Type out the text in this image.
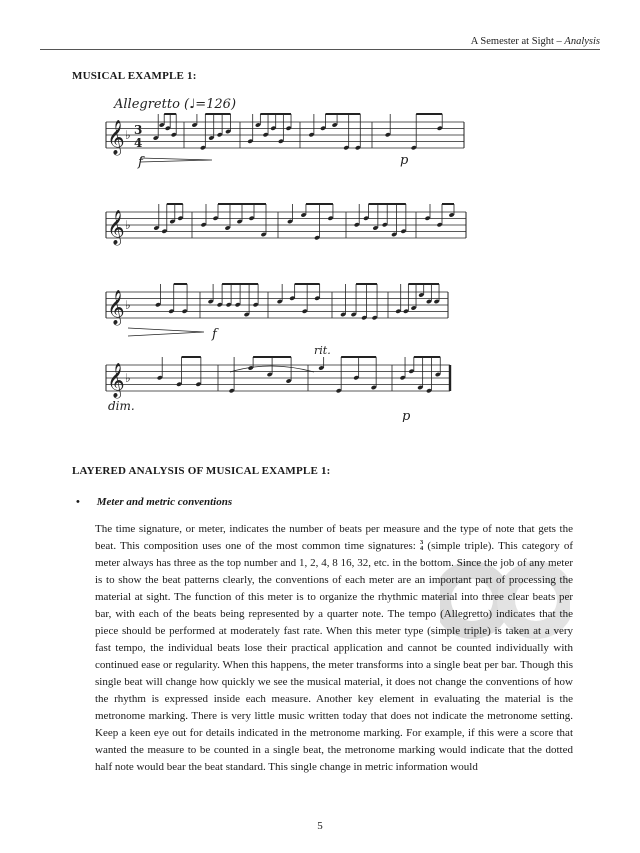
A Semester at Sight – Analysis
MUSICAL EXAMPLE 1:
Allegretto (♩=126)
𝄞 ♭ 3
4
𝄞 ♭
𝄞 ♭
𝄞 ♭
f	p
f
dim.
rit.
p
LAYERED ANALYSIS OF MUSICAL EXAMPLE 1:
• Meter and metric conventions

The time signature, or meter, indicates the number of beats per measure and the type of note that gets the beat. This composition uses one of the most common time signatures: 3
4 (simple triple). This category of meter always has three as the top number and 1, 2, 4, 8 16, 32, etc. in the bottom. Since the job of any meter is to show the beat patterns clearly, the conventions of each meter are an important part of processing the material at sight. The function of this meter is to organize the rhythmic material into three clear beats per bar, with each of the beats being represented by a quarter note. The tempo (Allegretto) indicates that the piece should be performed at moderately fast rate. When this meter type (simple triple) is taken at a very fast tempo, the individual beats lose their practical application and cannot be counted individually with continued ease or regularity. When this happens, the meter transforms into a single beat per bar. Though this single beat will change how quickly we see the musical material, it does not change the conventions of how the rhythm is expressed inside each measure. Another key element in evaluating the material is the metronome marking. There is very little music written today that does not indicate the metronome setting. Keep a keen eye out for details indicated in the metronome marking. For example, if this were a score that wanted the measure to be counted in a single beat, the metronome marking would indicate that the dotted half note would bear the beat standard. This single change in metric information would

5
